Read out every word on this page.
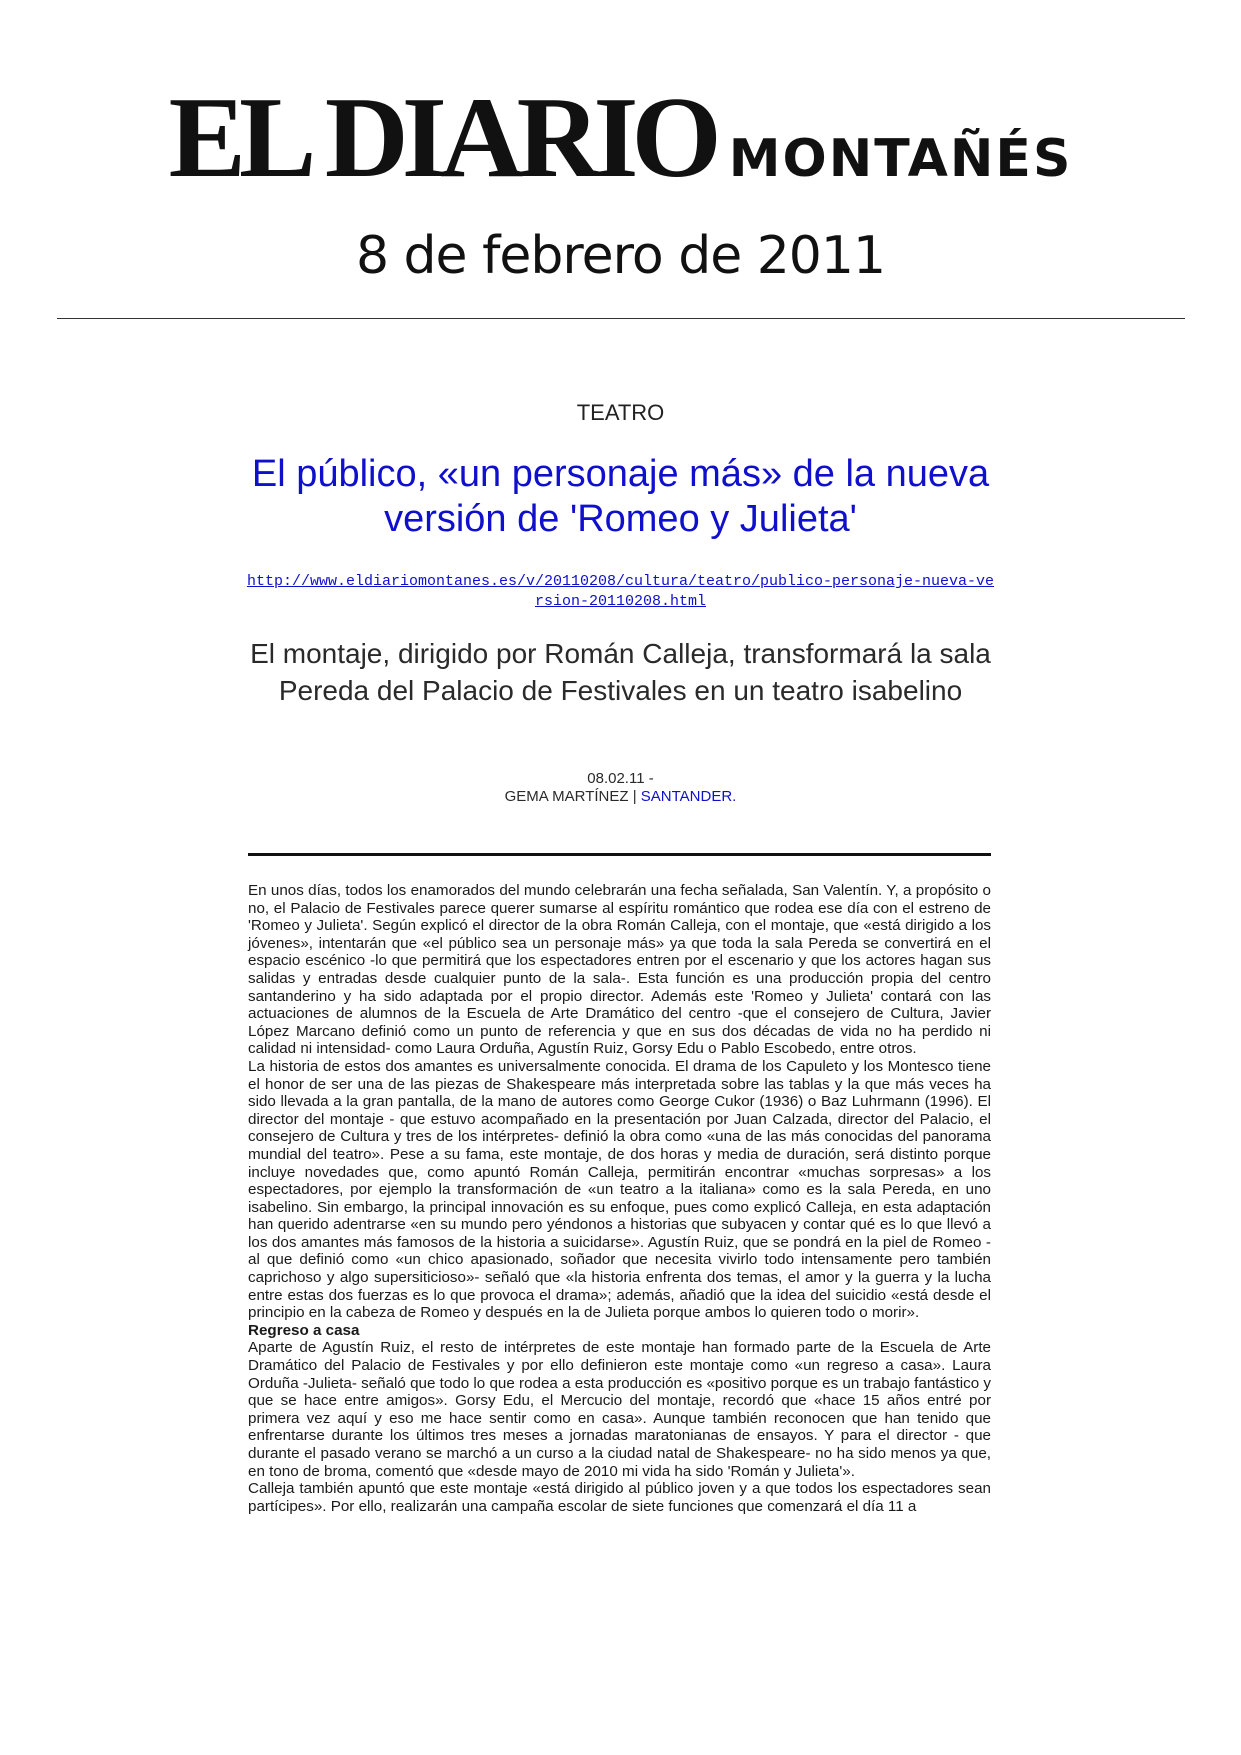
EL DIARIO MONTAÑÉS
8 de febrero de 2011
TEATRO
El público, «un personaje más» de la nueva versión de 'Romeo y Julieta'
http://www.eldiariomontanes.es/v/20110208/cultura/teatro/publico-personaje-nueva-version-20110208.html
El montaje, dirigido por Román Calleja, transformará la sala Pereda del Palacio de Festivales en un teatro isabelino
08.02.11 -
GEMA MARTÍNEZ | SANTANDER.

En unos días, todos los enamorados del mundo celebrarán una fecha señalada, San Valentín. Y, a propósito o no, el Palacio de Festivales parece querer sumarse al espíritu romántico que rodea ese día con el estreno de 'Romeo y Julieta'. Según explicó el director de la obra Román Calleja, con el montaje, que «está dirigido a los jóvenes», intentarán que «el público sea un personaje más» ya que toda la sala Pereda se convertirá en el espacio escénico -lo que permitirá que los espectadores entren por el escenario y que los actores hagan sus salidas y entradas desde cualquier punto de la sala-. Esta función es una producción propia del centro santanderino y ha sido adaptada por el propio director. Además este 'Romeo y Julieta' contará con las actuaciones de alumnos de la Escuela de Arte Dramático del centro -que el consejero de Cultura, Javier López Marcano definió como un punto de referencia y que en sus dos décadas de vida no ha perdido ni calidad ni intensidad- como Laura Orduña, Agustín Ruiz, Gorsy Edu o Pablo Escobedo, entre otros.

La historia de estos dos amantes es universalmente conocida. El drama de los Capuleto y los Montesco tiene el honor de ser una de las piezas de Shakespeare más interpretada sobre las tablas y la que más veces ha sido llevada a la gran pantalla, de la mano de autores como George Cukor (1936) o Baz Luhrmann (1996). El director del montaje - que estuvo acompañado en la presentación por Juan Calzada, director del Palacio, el consejero de Cultura y tres de los intérpretes- definió la obra como «una de las más conocidas del panorama mundial del teatro». Pese a su fama, este montaje, de dos horas y media de duración, será distinto porque incluye novedades que, como apuntó Román Calleja, permitirán encontrar «muchas sorpresas» a los espectadores, por ejemplo la transformación de «un teatro a la italiana» como es la sala Pereda, en uno isabelino. Sin embargo, la principal innovación es su enfoque, pues como explicó Calleja, en esta adaptación han querido adentrarse «en su mundo pero yéndonos a historias que subyacen y contar qué es lo que llevó a los dos amantes más famosos de la historia a suicidarse». Agustín Ruiz, que se pondrá en la piel de Romeo -al que definió como «un chico apasionado, soñador que necesita vivirlo todo intensamente pero también caprichoso y algo supersiticioso»- señaló que «la historia enfrenta dos temas, el amor y la guerra y la lucha entre estas dos fuerzas es lo que provoca el drama»; además, añadió que la idea del suicidio «está desde el principio en la cabeza de Romeo y después en la de Julieta porque ambos lo quieren todo o morir».

Regreso a casa

Aparte de Agustín Ruiz, el resto de intérpretes de este montaje han formado parte de la Escuela de Arte Dramático del Palacio de Festivales y por ello definieron este montaje como «un regreso a casa». Laura Orduña -Julieta- señaló que todo lo que rodea a esta producción es «positivo porque es un trabajo fantástico y que se hace entre amigos». Gorsy Edu, el Mercucio del montaje, recordó que «hace 15 años entré por primera vez aquí y eso me hace sentir como en casa». Aunque también reconocen que han tenido que enfrentarse durante los últimos tres meses a jornadas maratonianas de ensayos. Y para el director - que durante el pasado verano se marchó a un curso a la ciudad natal de Shakespeare- no ha sido menos ya que, en tono de broma, comentó que «desde mayo de 2010 mi vida ha sido 'Román y Julieta'».

Calleja también apuntó que este montaje «está dirigido al público joven y a que todos los espectadores sean partícipes». Por ello, realizarán una campaña escolar de siete funciones que comenzará el día 11 a
